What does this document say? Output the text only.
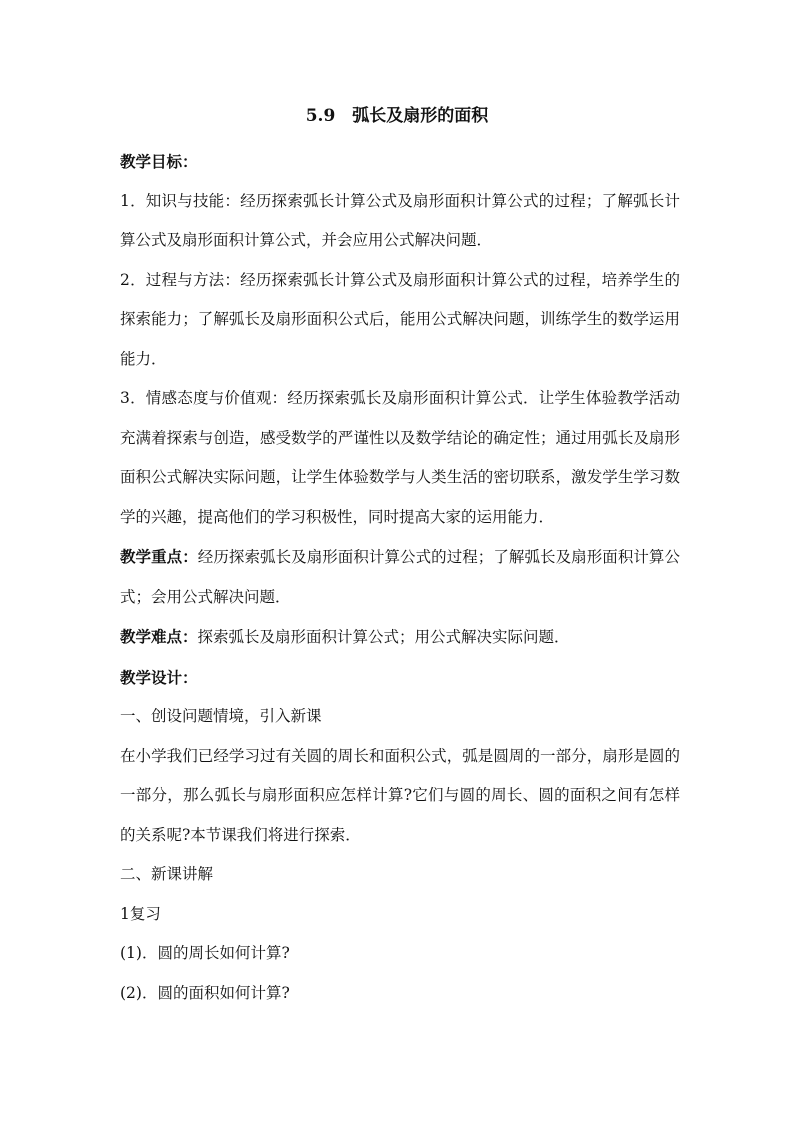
5.9　弧长及扇形的面积

教学目标：

1．知识与技能：经历探索弧长计算公式及扇形面积计算公式的过程；了解弧长计算公式及扇形面积计算公式，并会应用公式解决问题．

2．过程与方法：经历探索弧长计算公式及扇形面积计算公式的过程，培养学生的探索能力；了解弧长及扇形面积公式后，能用公式解决问题，训练学生的数学运用能力．

3．情感态度与价值观：经历探索弧长及扇形面积计算公式．让学生体验教学活动充满着探索与创造，感受数学的严谨性以及数学结论的确定性；通过用弧长及扇形面积公式解决实际问题，让学生体验数学与人类生活的密切联系，激发学生学习数学的兴趣，提高他们的学习积极性，同时提高大家的运用能力．

教学重点：经历探索弧长及扇形面积计算公式的过程；了解弧长及扇形面积计算公式；会用公式解决问题．

教学难点：探索弧长及扇形面积计算公式；用公式解决实际问题．

教学设计：

一、创设问题情境，引入新课

在小学我们已经学习过有关圆的周长和面积公式，弧是圆周的一部分，扇形是圆的一部分，那么弧长与扇形面积应怎样计算?它们与圆的周长、圆的面积之间有怎样的关系呢?本节课我们将进行探索．

二、新课讲解

1复习

(1)．圆的周长如何计算?

(2)．圆的面积如何计算?
